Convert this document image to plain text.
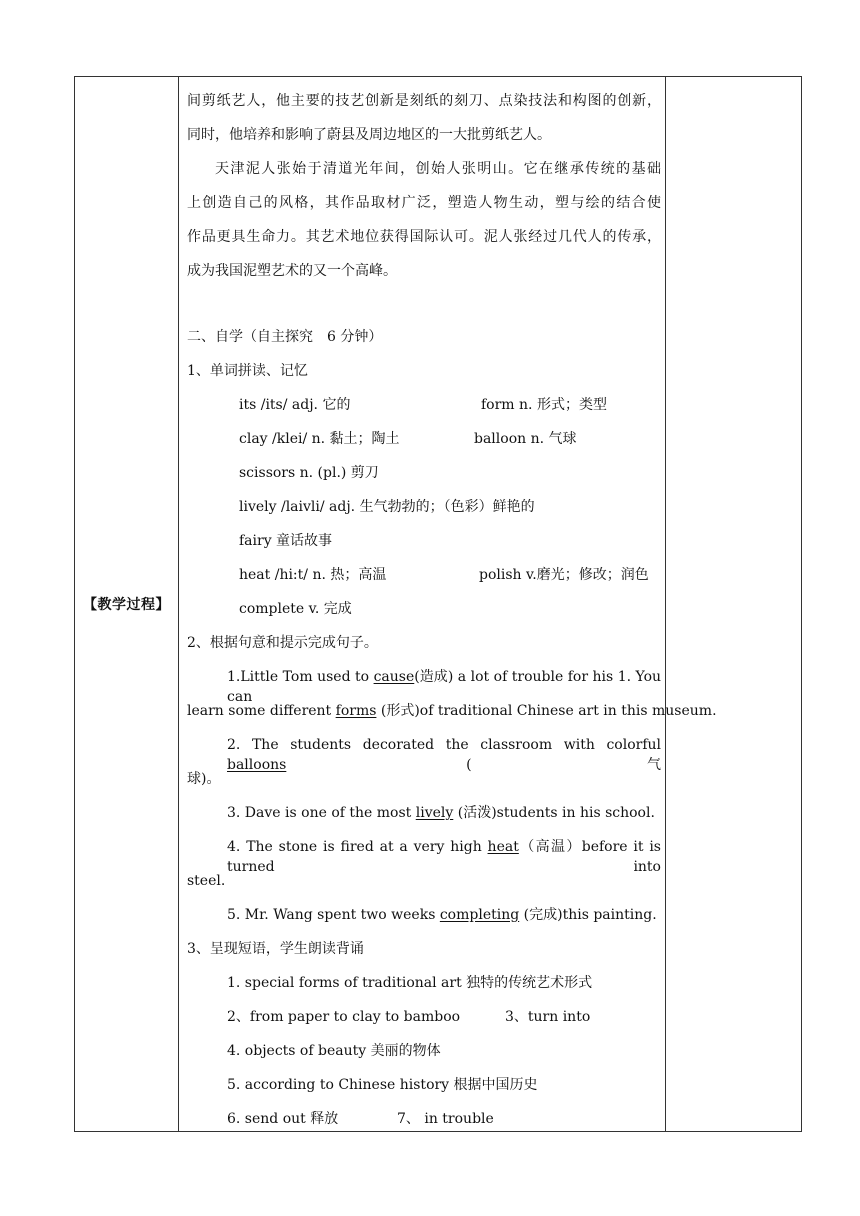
【教学过程】	
间剪纸艺人，他主要的技艺创新是刻纸的刻刀、点染技法和构图的创新，
同时，他培养和影响了蔚县及周边地区的一大批剪纸艺人。
天津泥人张始于清道光年间，创始人张明山。它在继承传统的基础
上创造自己的风格，其作品取材广泛，塑造人物生动，塑与绘的结合使
作品更具生命力。其艺术地位获得国际认可。泥人张经过几代人的传承，
成为我国泥塑艺术的又一个高峰。
二、自学（自主探究　6 分钟）
1、单词拼读、记忆
its /its/ adj. 它的	form n. 形式；类型
clay /klei/ n. 黏土；陶土	balloon n. 气球
scissors n. (pl.) 剪刀
lively /laivli/ adj. 生气勃勃的；（色彩）鲜艳的
fairy 童话故事
heat /hi:t/ n. 热；高温	polish v.磨光；修改；润色
complete v. 完成
2、根据句意和提示完成句子。
1.Little Tom used to cause(造成) a lot of trouble for his 1. You can
learn some different forms (形式)of traditional Chinese art in this museum.
2. The students decorated the classroom with colorful balloons (气
球)。
3. Dave is one of the most lively (活泼)students in his school.
4. The stone is fired at a very high heat（高温）before it is turned into
steel.
5. Mr. Wang spent two weeks completing (完成)this painting.
3、呈现短语，学生朗读背诵
1. special forms of traditional art 独特的传统艺术形式
2、from paper to clay to bamboo	3、turn into
4. objects of beauty 美丽的物体
5. according to Chinese history 根据中国历史
6. send out 释放	7、 in trouble
